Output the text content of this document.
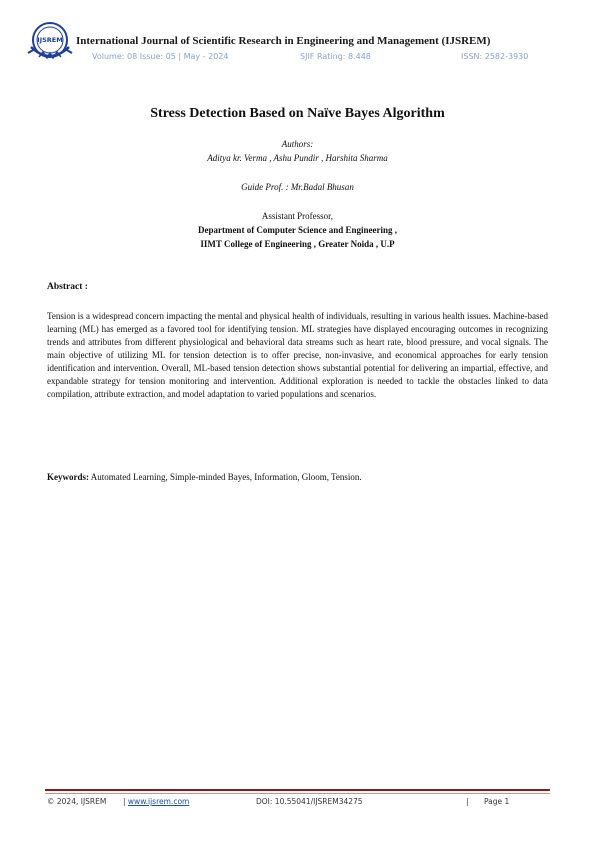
IJSREM International Journal of Scientific Research in Engineering and Management (IJSREM)
Volume: 08 Issue: 05 | May - 2024	SJIF Rating: 8.448	ISSN: 2582-3930
Stress Detection Based on Naïve Bayes Algorithm
Authors:
Aditya kr. Verma , Ashu Pundir , Harshita Sharma
Guide Prof. : Mr.Badal Bhusan
Assistant Professor,
Department of Computer Science and Engineering ,
IIMT College of Engineering , Greater Noida , U.P
Abstract :
Tension is a widespread concern impacting the mental and physical health of individuals, resulting in various health issues. Machine-based learning (ML) has emerged as a favored tool for identifying tension. ML strategies have displayed encouraging outcomes in recognizing trends and attributes from different physiological and behavioral data streams such as heart rate, blood pressure, and vocal signals. The main objective of utilizing ML for tension detection is to offer precise, non-invasive, and economical approaches for early tension identification and intervention. Overall, ML-based tension detection shows substantial potential for delivering an impartial, effective, and expandable strategy for tension monitoring and intervention. Additional exploration is needed to tackle the obstacles linked to data compilation, attribute extraction, and model adaptation to varied populations and scenarios.
Keywords: Automated Learning, Simple-minded Bayes, Information, Gloom, Tension.
© 2024, IJSREM | www.ijsrem.com	DOI: 10.55041/IJSREM34275	| Page 1
